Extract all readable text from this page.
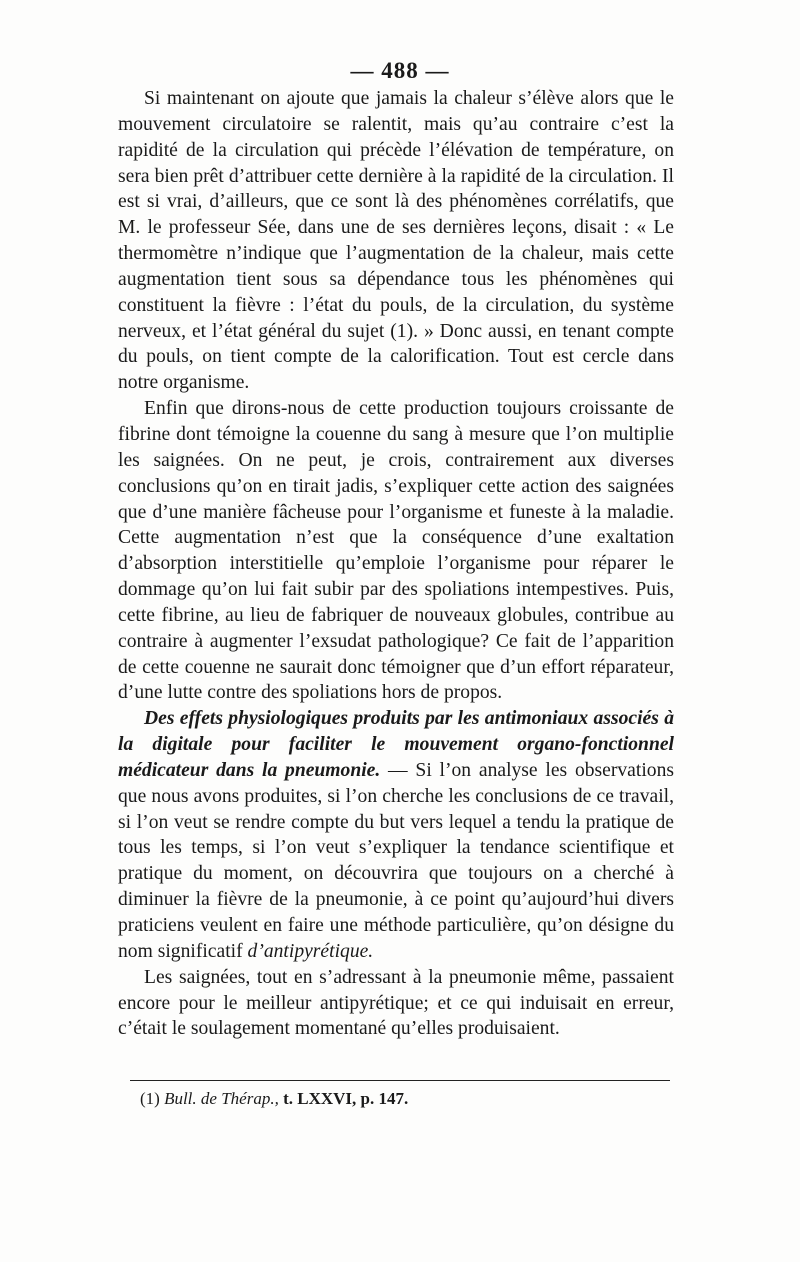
— 488 —

Si maintenant on ajoute que jamais la chaleur s’élève alors que le mouvement circulatoire se ralentit, mais qu’au contraire c’est la rapidité de la circulation qui précède l’élévation de température, on sera bien prêt d’attribuer cette dernière à la rapidité de la circulation. Il est si vrai, d’ailleurs, que ce sont là des phénomènes corrélatifs, que M. le professeur Sée, dans une de ses dernières leçons, disait : « Le thermomètre n’indique que l’augmentation de la chaleur, mais cette augmentation tient sous sa dépendance tous les phénomènes qui constituent la fièvre : l’état du pouls, de la circulation, du système nerveux, et l’état général du sujet (1). » Donc aussi, en tenant compte du pouls, on tient compte de la calorification. Tout est cercle dans notre organisme.

Enfin que dirons-nous de cette production toujours croissante de fibrine dont témoigne la couenne du sang à mesure que l’on multiplie les saignées. On ne peut, je crois, contrairement aux diverses conclusions qu’on en tirait jadis, s’expliquer cette action des saignées que d’une manière fâcheuse pour l’organisme et funeste à la maladie. Cette augmentation n’est que la conséquence d’une exaltation d’absorption interstitielle qu’emploie l’organisme pour réparer le dommage qu’on lui fait subir par des spoliations intempestives. Puis, cette fibrine, au lieu de fabriquer de nouveaux globules, contribue au contraire à augmenter l’exsudat pathologique? Ce fait de l’apparition de cette couenne ne saurait donc témoigner que d’un effort réparateur, d’une lutte contre des spoliations hors de propos.

Des effets physiologiques produits par les antimoniaux associés à la digitale pour faciliter le mouvement organo-fonctionnel médicateur dans la pneumonie. — Si l’on analyse les observations que nous avons produites, si l’on cherche les conclusions de ce travail, si l’on veut se rendre compte du but vers lequel a tendu la pratique de tous les temps, si l’on veut s’expliquer la tendance scientifique et pratique du moment, on découvrira que toujours on a cherché à diminuer la fièvre de la pneumonie, à ce point qu’aujourd’hui divers praticiens veulent en faire une méthode particulière, qu’on désigne du nom significatif d’antipyrétique.

Les saignées, tout en s’adressant à la pneumonie même, passaient encore pour le meilleur antipyrétique; et ce qui induisait en erreur, c’était le soulagement momentané qu’elles produisaient.

(1) Bull. de Thérap., t. LXXVI, p. 147.
